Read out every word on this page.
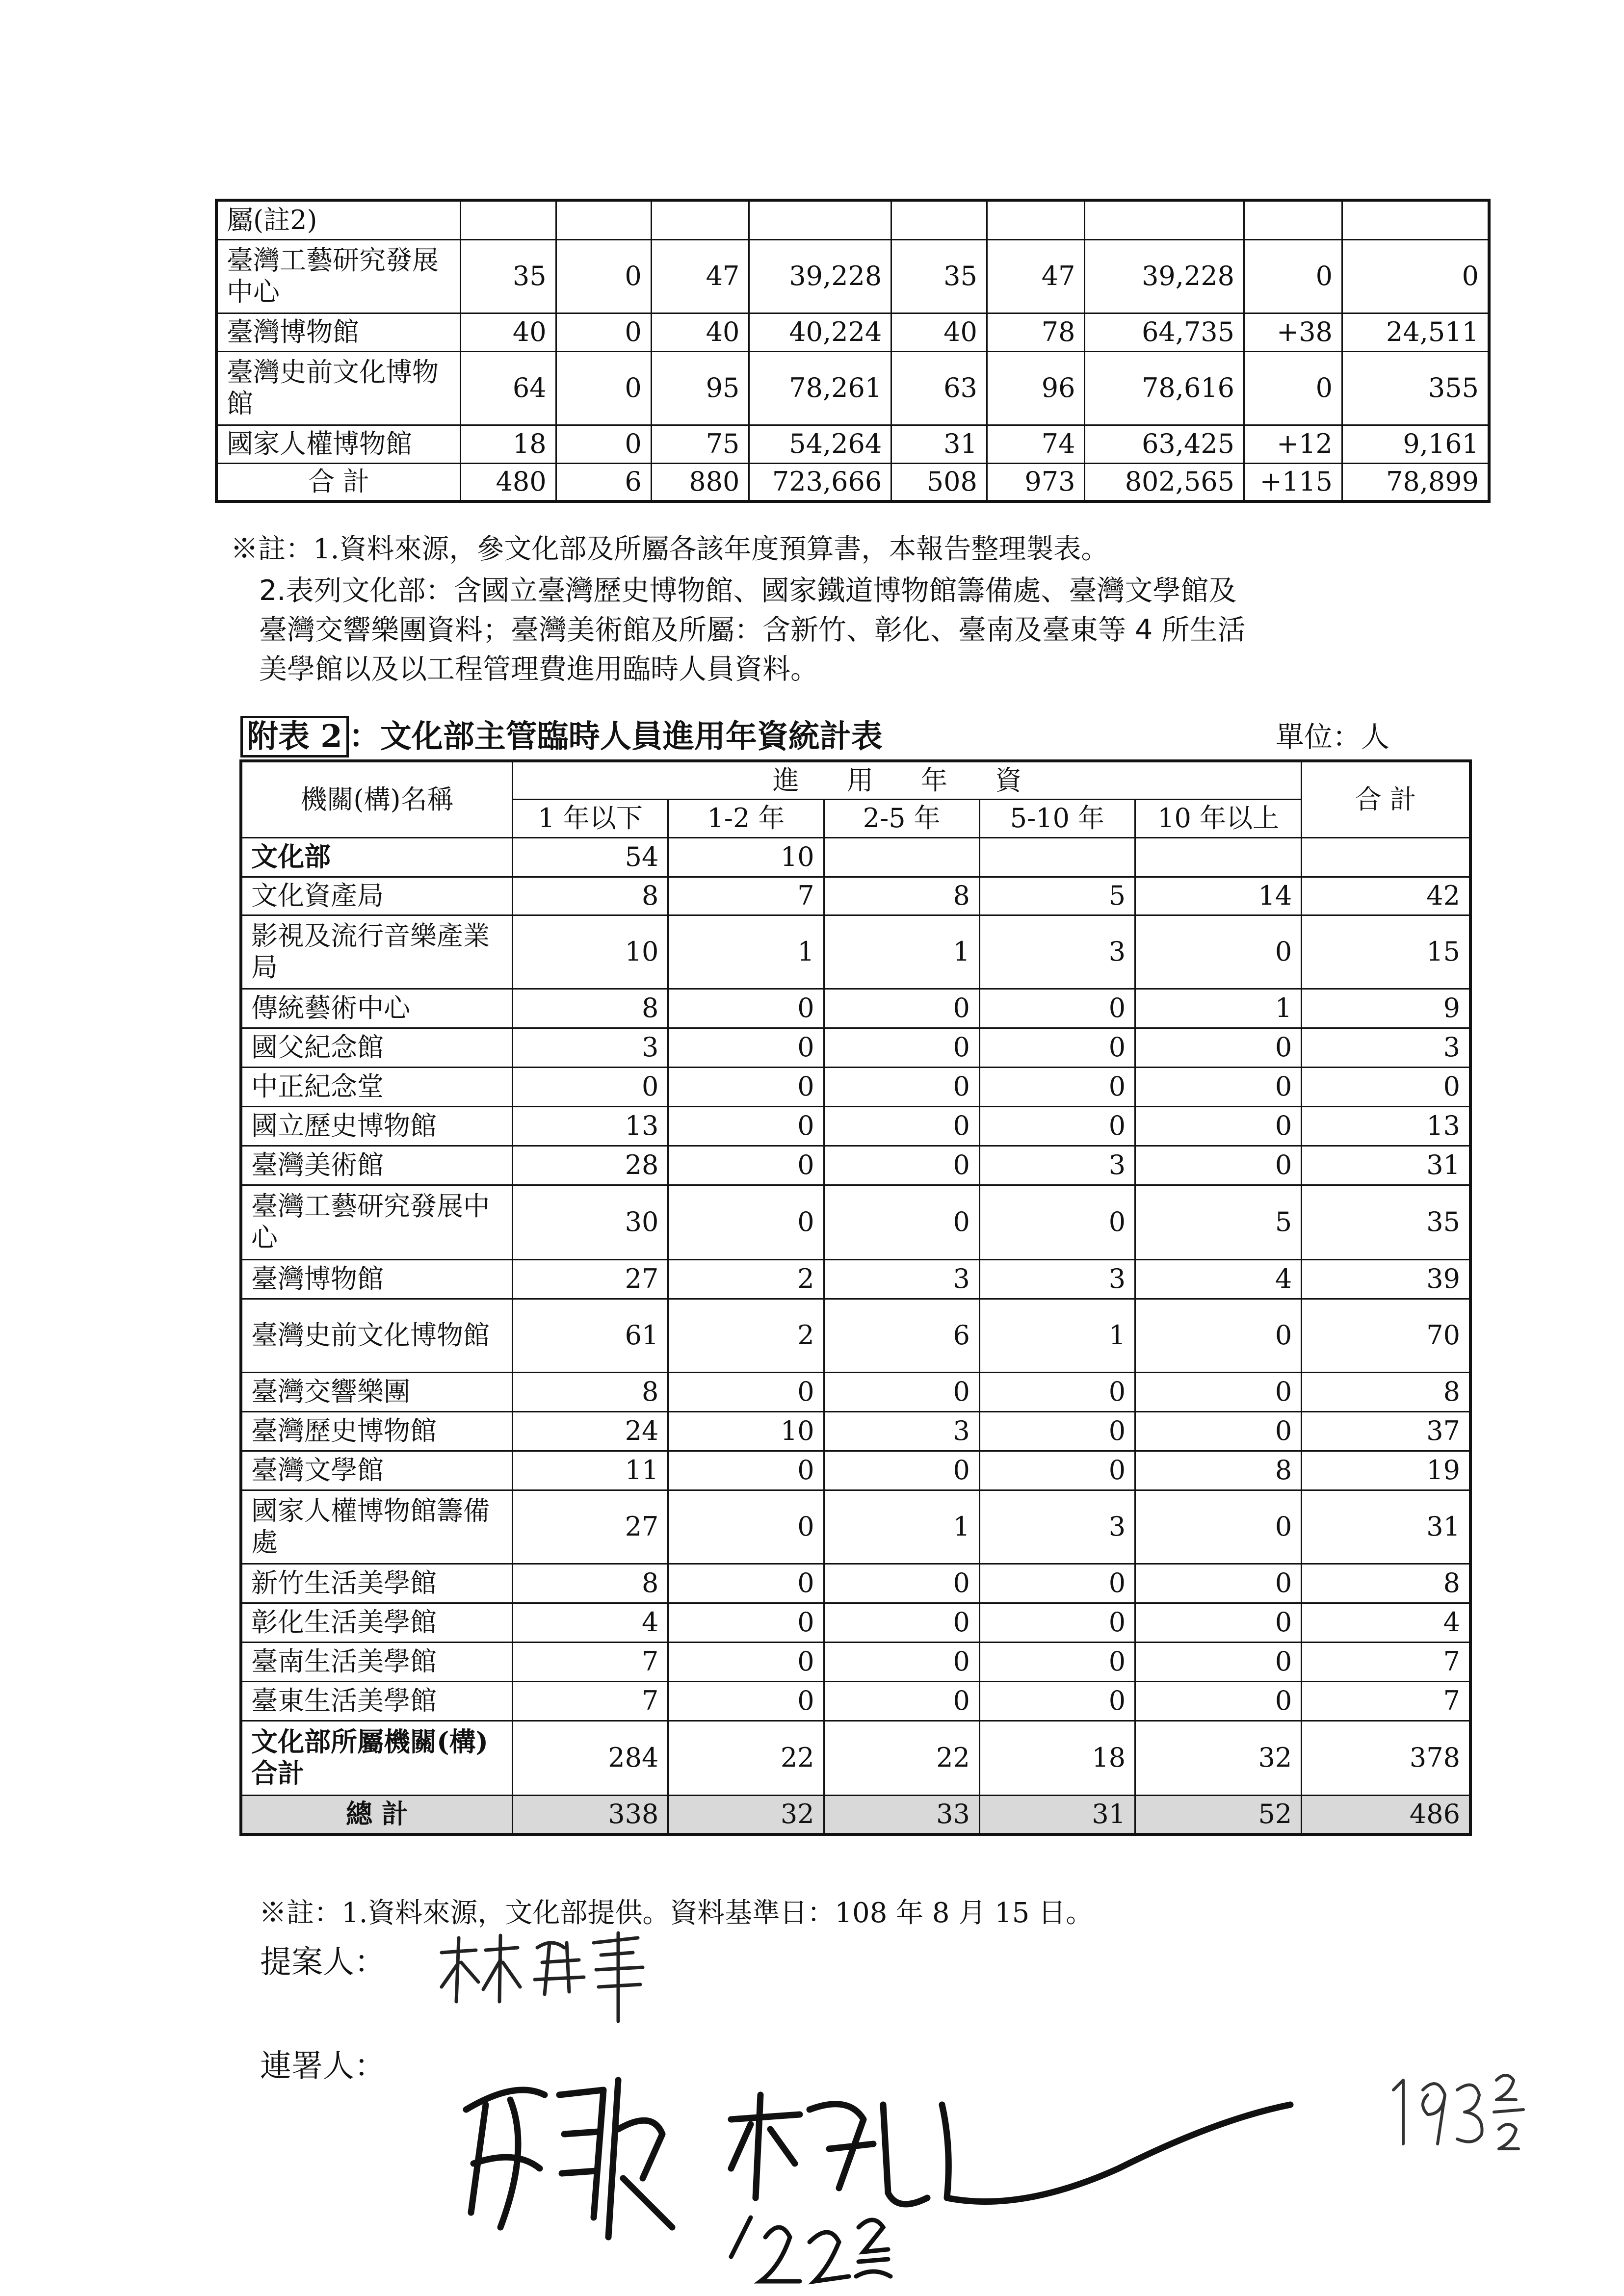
屬(註2)									
臺灣工藝研究發展中心	35	0	47	39,228	35	47	39,228	0	0
臺灣博物館	40	0	40	40,224	40	78	64,735	+38	24,511
臺灣史前文化博物館	64	0	95	78,261	63	96	78,616	0	355
國家人權博物館	18	0	75	54,264	31	74	63,425	+12	9,161
合 計	480	6	880	723,666	508	973	802,565	+115	78,899
※註：1.資料來源，參文化部及所屬各該年度預算書，本報告整理製表。
2.表列文化部：含國立臺灣歷史博物館、國家鐵道博物館籌備處、臺灣文學館及
臺灣交響樂團資料；臺灣美術館及所屬：含新竹、彰化、臺南及臺東等 4 所生活
美學館以及以工程管理費進用臨時人員資料。
附表 2 ：文化部主管臨時人員進用年資統計表	單位：人
機關(構)名稱	進 用 年 資					合 計
	1 年以下	1-2 年	2-5 年	5-10 年	10 年以上	
文化部	54	10				
文化資產局	8	7	8	5	14	42
影視及流行音樂產業局	10	1	1	3	0	15
傳統藝術中心	8	0	0	0	1	9
國父紀念館	3	0	0	0	0	3
中正紀念堂	0	0	0	0	0	0
國立歷史博物館	13	0	0	0	0	13
臺灣美術館	28	0	0	3	0	31
臺灣工藝研究發展中心	30	0	0	0	5	35
臺灣博物館	27	2	3	3	4	39
臺灣史前文化博物館	61	2	6	1	0	70
臺灣交響樂團	8	0	0	0	0	8
臺灣歷史博物館	24	10	3	0	0	37
臺灣文學館	11	0	0	0	8	19
國家人權博物館籌備處	27	0	1	3	0	31
新竹生活美學館	8	0	0	0	0	8
彰化生活美學館	4	0	0	0	0	4
臺南生活美學館	7	0	0	0	0	7
臺東生活美學館	7	0	0	0	0	7
文化部所屬機關(構)合計	284	22	22	18	32	378
總 計	338	32	33	31	52	486
※註：1.資料來源，文化部提供。資料基準日：108 年 8 月 15 日。
提案人：
連署人：
